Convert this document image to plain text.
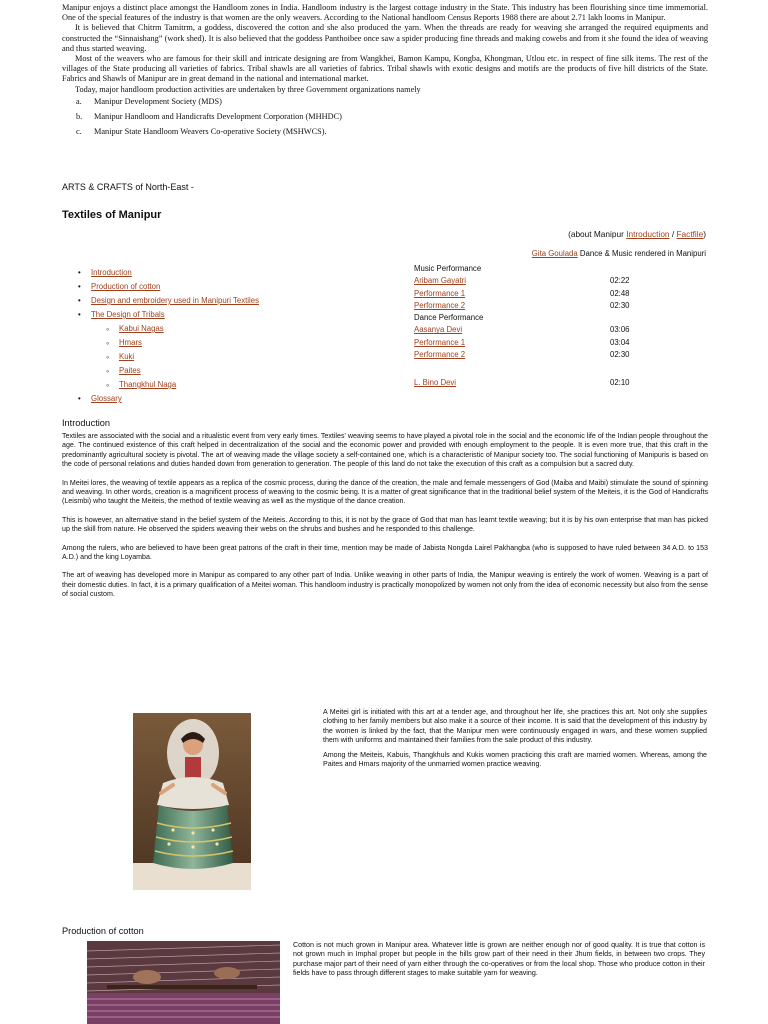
Manipur enjoys a distinct place amongst the Handloom zones in India. Handloom industry is the largest cottage industry in the State. This industry has been flourishing since time immemorial. One of the special features of the industry is that women are the only weavers. According to the National handloom Census Reports 1988 there are about 2.71 lakh looms in Manipur.

It is believed that Chitrm Tamitrm, a goddess, discovered the cotton and she also produced the yarn. When the threads are ready for weaving she arranged the required equipments and constructed the “Sinnaishang” (work shed). It is also believed that the goddess Panthoibee once saw a spider producing fine threads and making cowebs and from it she found the idea of weaving and thus started weaving.

Most of the weavers who are famous for their skill and intricate designing are from Wangkhei, Bamon Kampu, Kongba, Khongman, Utlou etc. in respect of fine silk items. The rest of the villages of the State producing all varieties of fabrics. Tribal shawls are all varieties of fabrics. Tribal shawls with exotic designs and motifs are the products of five hill districts of the State. Fabrics and Shawls of Manipur are in great demand in the national and international market.

Today, major handloom production activities are undertaken by three Government organizations namely

a. Manipur Development Society (MDS)
b. Manipur Handloom and Handicrafts Development Corporation (MHHDC)
c. Manipur State Handloom Weavers Co-operative Society (MSHWCS).
ARTS & CRAFTS of North-East -
Textiles of Manipur
(about Manipur Introduction / Factfile)
Gita Goulada Dance & Music rendered in Manipuri
• Introduction
• Production of cotton
• Design and embroidery used in Manipuri Textiles
• The Design of Tribals
◦ Kabui Nagas
◦ Hmars
◦ Kuki
◦ Paites
◦ Thangkhul Naga
• Glossary
Music Performance
Aribam Gayatri	02:22
Performance 1	02:48
Performance 2	02:30
Dance Performance
Aasanya Devi	03:06
Performance 1	03:04
Performance 2	02:30
L. Bino Devi	02:10
Introduction

Textiles are associated with the social and a ritualistic event from very early times. Textiles' weaving seems to have played a pivotal role in the social and the economic life of the Indian people throughout the age. The continued existence of this craft helped in decentralization of the social and the economic power and provided with enough employment to the people. It is even more true, that this craft in the predominantly agricultural society is pivotal. The art of weaving made the village society a self-contained one, which is a characteristic of Manipur society too. The social functioning of Manipuris is based on the code of personal relations and duties handed down from generation to generation. The people of this land do not take the execution of this craft as a compulsion but a sacred duty.

In Meitei lores, the weaving of textile appears as a replica of the cosmic process, during the dance of the creation, the male and female messengers of God (Maiba and Maibi) stimulate the sound of spinning and weaving. In other words, creation is a magnificent process of weaving to the cosmic being. It is a matter of great significance that in the traditional belief system of the Meiteis, it is the God of Handicrafts (Leismbi) who taught the Meiteis, the method of textile weaving as well as the mystique of the dance creation.

This is however, an alternative stand in the belief system of the Meiteis. According to this, it is not by the grace of God that man has learnt textile weaving; but it is by his own enterprise that man has picked up the skill from nature. He observed the spiders weaving their webs on the shrubs and bushes and he responded to this challenge.

Among the rulers, who are believed to have been great patrons of the craft in their time, mention may be made of Jabista Nongda Lairel Pakhangba (who is supposed to have ruled between 34 A.D. to 153 A.D.) and the king Loyamba.

The art of weaving has developed more in Manipur as compared to any other part of India. Unlike weaving in other parts of India, the Manipur weaving is entirely the work of women. Weaving is a part of their domestic duties. In fact, it is a primary qualification of a Meitei woman. This handloom industry is practically monopolized by women not only from the idea of economic necessity but also from the sense of social custom.

A Meitei girl is initiated with this art at a tender age, and throughout her life, she practices this art. Not only she supplies clothing to her family members but also make it a source of their income. It is said that the development of this industry by the women is linked by the fact, that the Manipur men were continuously engaged in wars, and these women supplied them with uniforms and maintained their families from the sale product of this industry.

Among the Meiteis, Kabuis, Thangkhuls and Kukis women practicing this craft are married women. Whereas, among the Paites and Hmars majority of the unmarried women practice weaving.

Production of cotton

Cotton is not much grown in Manipur area. Whatever little is grown are neither enough nor of good quality. It is true that cotton is not grown much in Imphal proper but people in the hills grow part of their need in their Jhum fields, in between two crops. They purchase major part of their need of yarn either through the co-operatives or from the local shop. Those who produce cotton in their fields have to pass through different stages to make suitable yarn for weaving.
